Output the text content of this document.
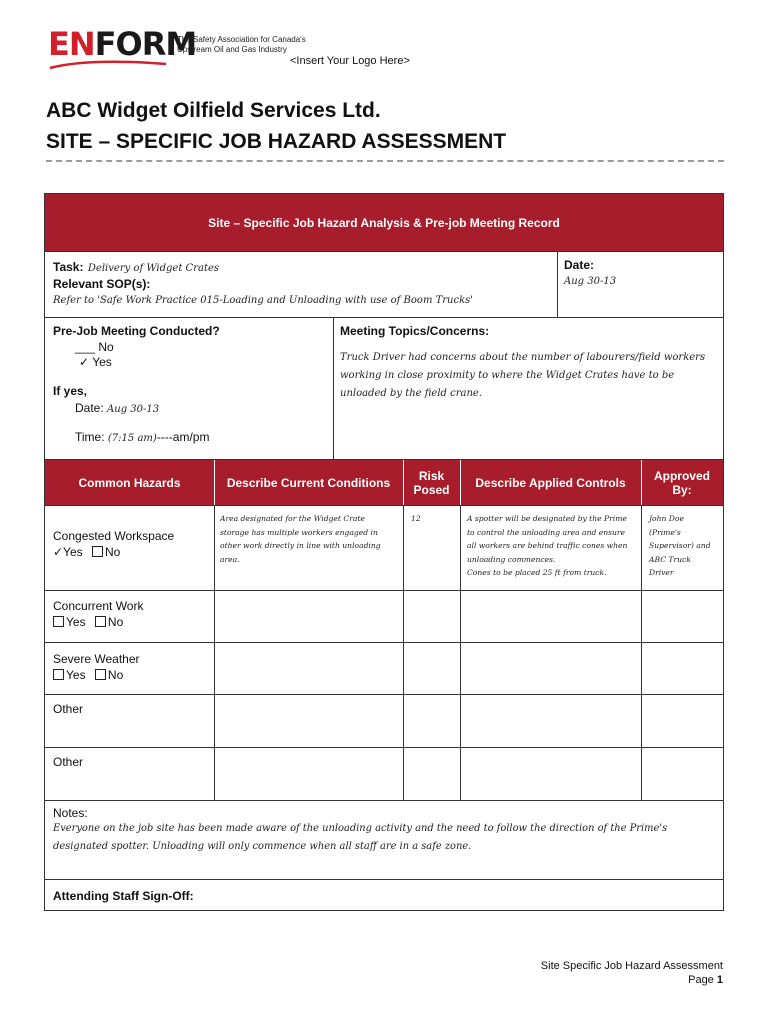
ENFORM
The Safety Association for Canada's
Upstream Oil and Gas Industry
<Insert Your Logo Here>
ABC Widget Oilfield Services Ltd.
SITE – SPECIFIC JOB HAZARD ASSESSMENT
Site – Specific Job Hazard Analysis & Pre-job Meeting Record
Task: Delivery of Widget Crates
Relevant SOP(s):
Refer to 'Safe Work Practice 015-Loading and Unloading with use of Boom Trucks'
Date:
Aug 30-13
Pre-Job Meeting Conducted?
___ No
✓ Yes
If yes,
Date: Aug 30-13
Time: (7:15 am)----am/pm
Meeting Topics/Concerns:
Truck Driver had concerns about the number of labourers/field workers
working in close proximity to where the Widget Crates have to be
unloaded by the field crane.
Common Hazards	Describe Current Conditions Risk
Posed Describe Applied Controls Approved
By:
Congested Workspace
✓Yes No
Area designated for the Widget Crate
storage has multiple workers engaged in
other work directly in line with unloading
area.
12	A spotter will be designated by the Prime
to control the unloading area and ensure
all workers are behind traffic cones when
unloading commences.
Cones to be placed 25 ft from truck.
John Doe
(Prime's
Supervisor) and
ABC Truck
Driver
Concurrent Work
Yes No
Severe Weather
Yes No
Other
Other
Notes:
Everyone on the job site has been made aware of the unloading activity and the need to follow the direction of the Prime's
designated spotter. Unloading will only commence when all staff are in a safe zone.
Attending Staff Sign-Off:
Site Specific Job Hazard Assessment
Page 1
